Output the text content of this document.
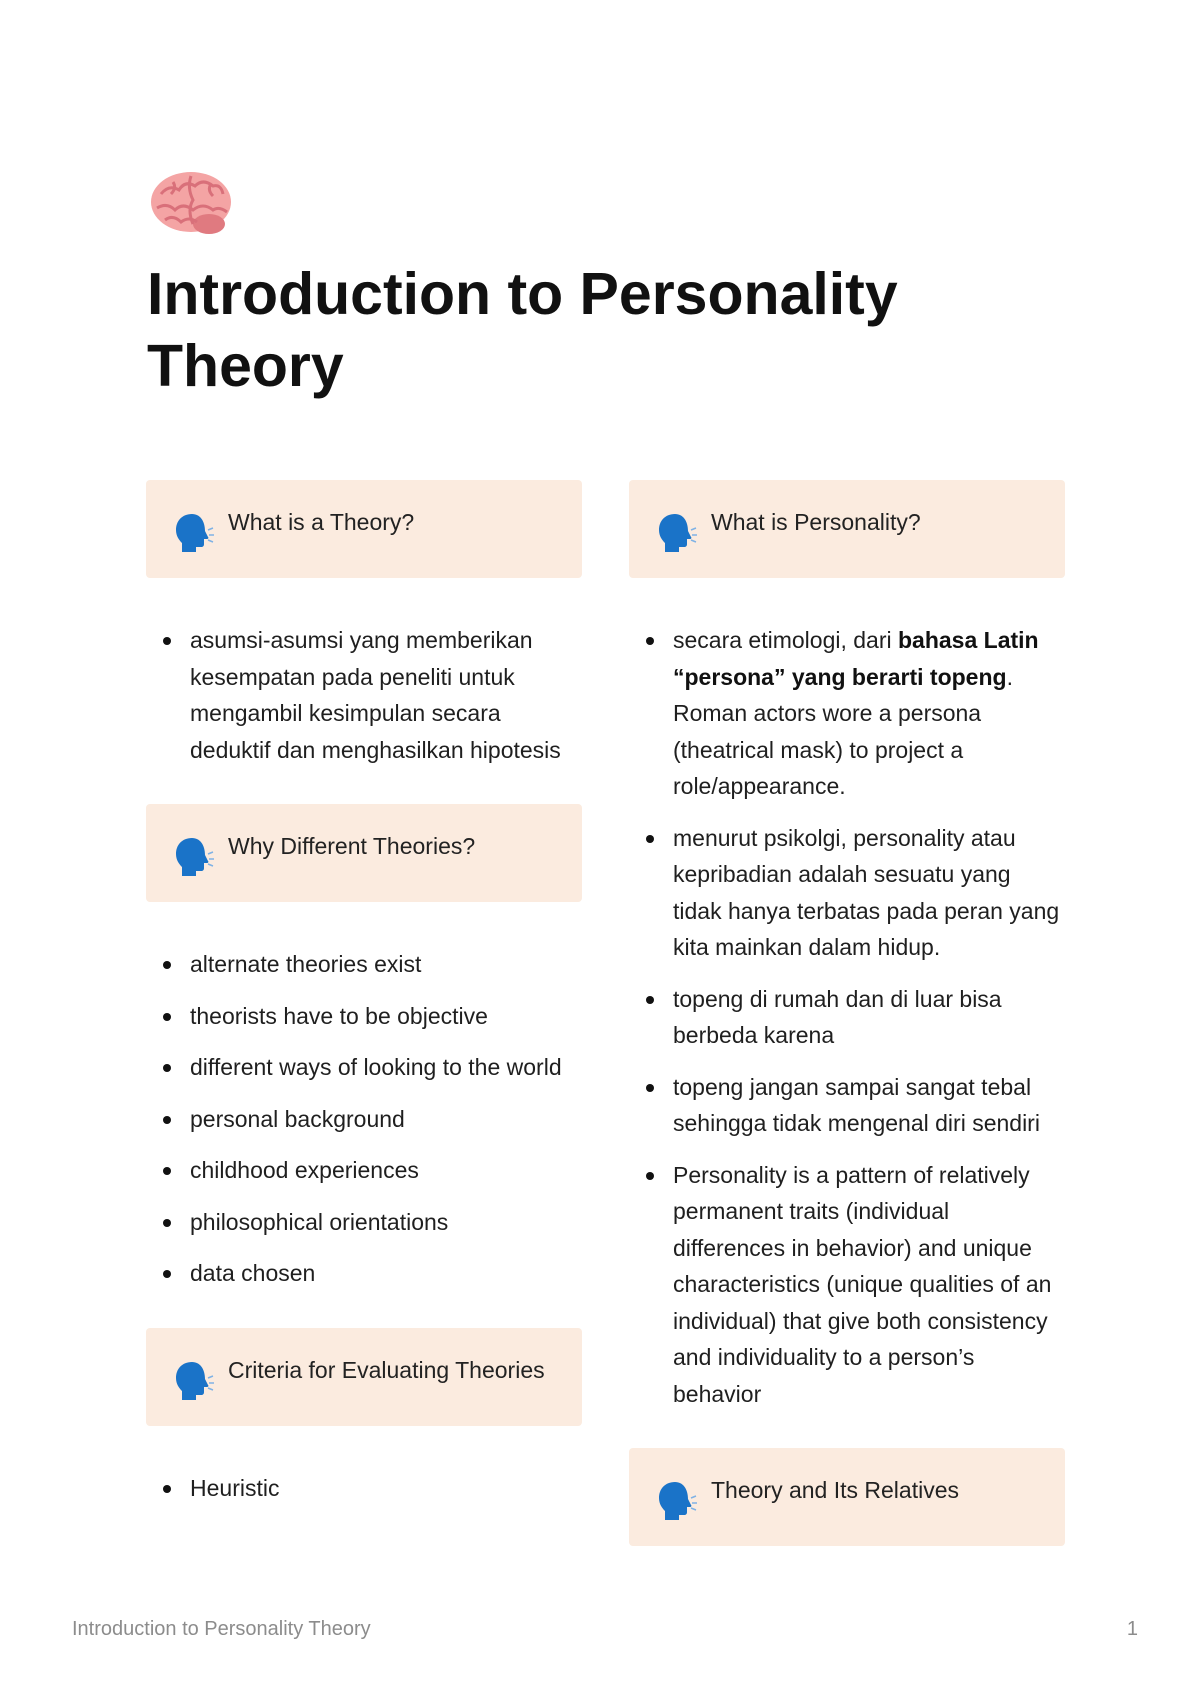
Introduction to Personality Theory
What is a Theory?
asumsi-asumsi yang memberikan kesempatan pada peneliti untuk mengambil kesimpulan secara deduktif dan menghasilkan hipotesis
Why Different Theories?
alternate theories exist
theorists have to be objective
different ways of looking to the world
personal background
childhood experiences
philosophical orientations
data chosen
Criteria for Evaluating Theories
Heuristic
What is Personality?
secara etimologi, dari bahasa Latin “persona” yang berarti topeng. Roman actors wore a persona (theatrical mask) to project a role/appearance.
menurut psikolgi, personality atau kepribadian adalah sesuatu yang tidak hanya terbatas pada peran yang kita mainkan dalam hidup.
topeng di rumah dan di luar bisa berbeda karena
topeng jangan sampai sangat tebal sehingga tidak mengenal diri sendiri
Personality is a pattern of relatively permanent traits (individual differences in behavior) and unique characteristics (unique qualities of an individual) that give both consistency and individuality to a person’s behavior
Theory and Its Relatives
Introduction to Personality Theory	1
